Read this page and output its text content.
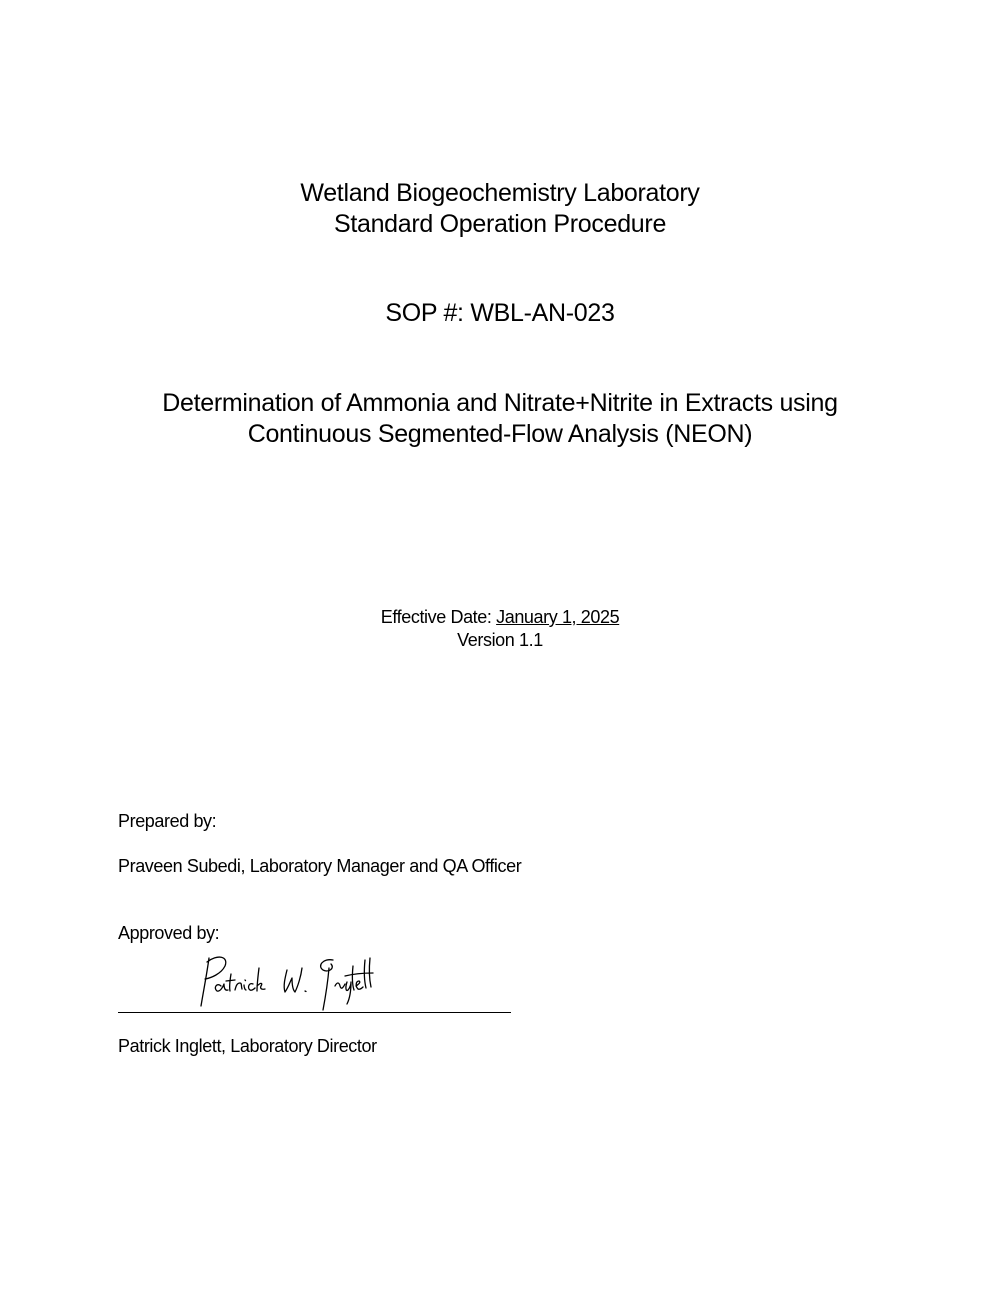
Wetland Biogeochemistry Laboratory
Standard Operation Procedure
SOP #: WBL-AN-023
Determination of Ammonia and Nitrate+Nitrite in Extracts using
Continuous Segmented-Flow Analysis (NEON)
Effective Date: January 1, 2025
Version 1.1
Prepared by:
Praveen Subedi, Laboratory Manager and QA Officer
Approved by:
Patrick Inglett, Laboratory Director
